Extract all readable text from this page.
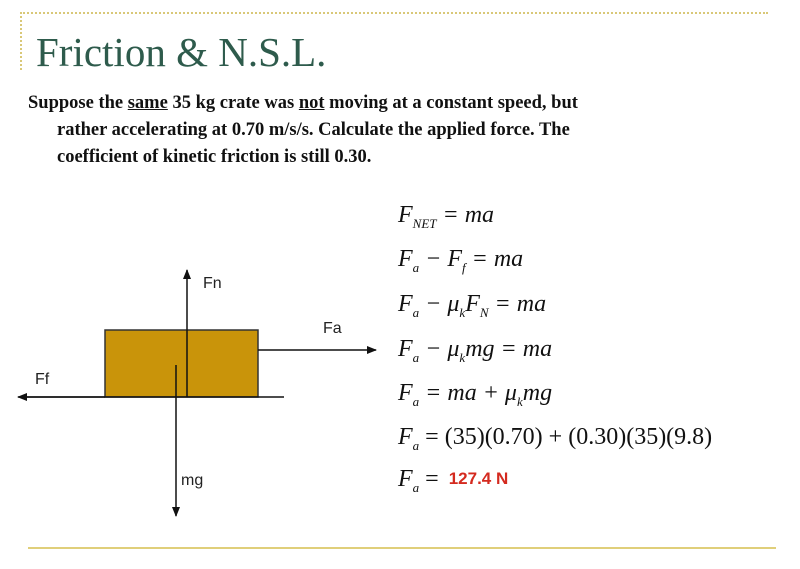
Friction & N.S.L.
Suppose the same 35 kg crate was not moving at a constant speed, but
rather accelerating at 0.70 m/s/s. Calculate the applied force. The
coefficient of kinetic friction is still 0.30.
Fn
Fa
Ff
mg
$F_{NET}$ = ma
$F_a - F_f$ = ma
$F_a - \mu_kF_N$ = ma
$F_a - \mu_kmg$ = ma
$F_a$ = ma + $\mu_kmg$
$F_a = (35)(0.70) + (0.30)(35)(9.8)$
$F_a = 127.4$ N
